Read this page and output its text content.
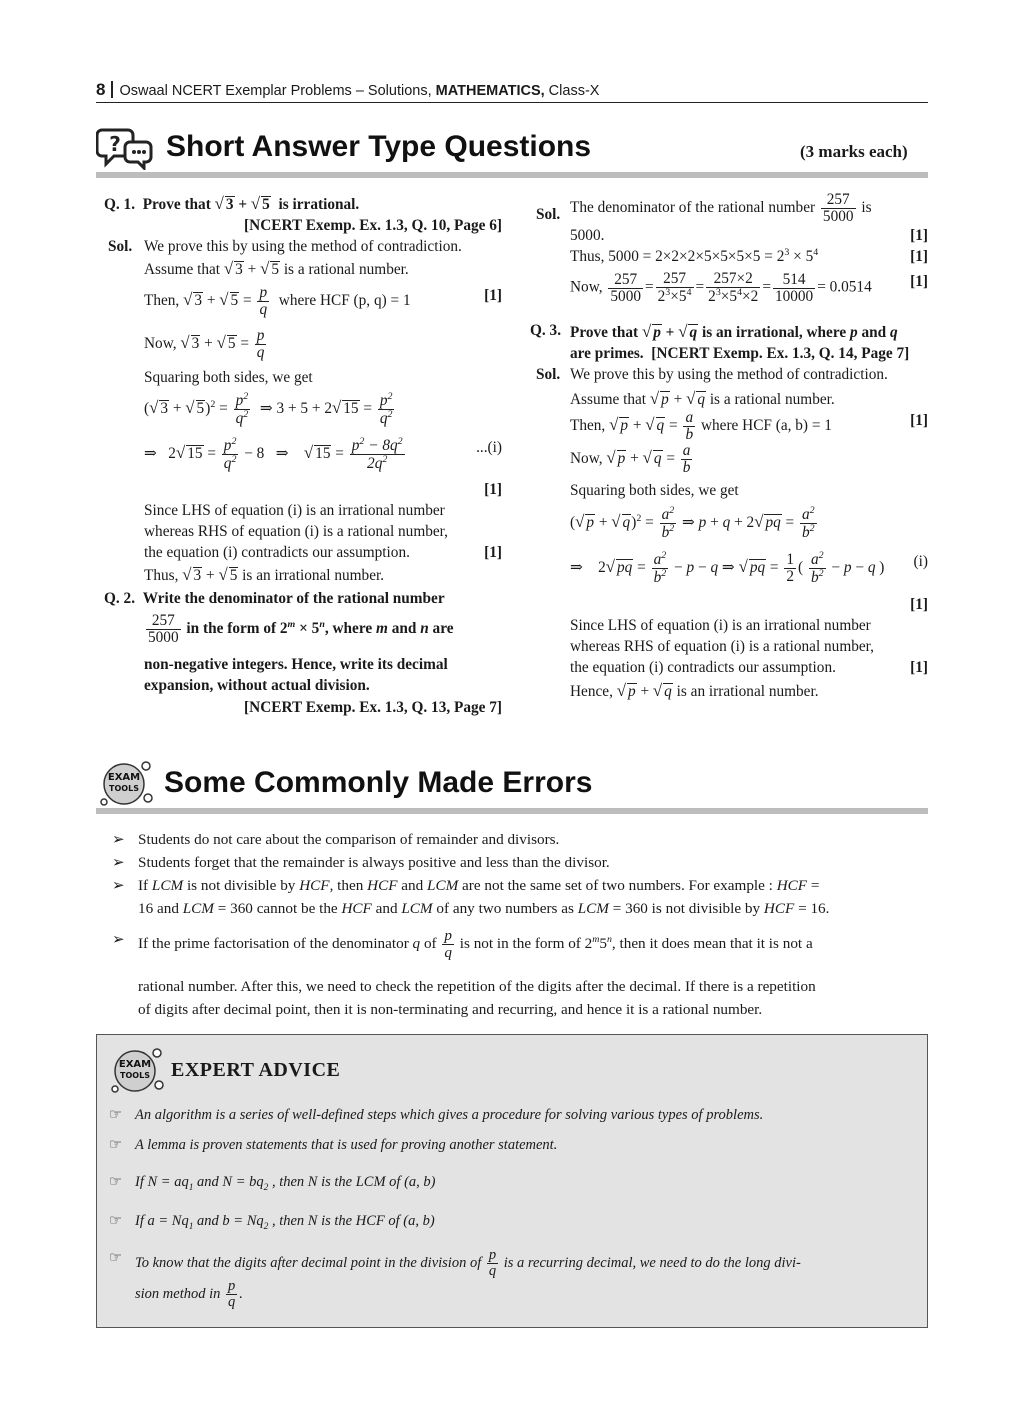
8 Oswaal NCERT Exemplar Problems – Solutions, MATHEMATICS, Class-X
? Short Answer Type Questions	(3 marks each)
Q. 1. Prove that √ 3 + √ 5 is irrational.
[NCERT Exemp. Ex. 1.3, Q. 10, Page 6]
Sol. We prove this by using the method of contradiction.
Assume that √ 3 + √ 5 is a rational number.
Then, √ 3 + √ $5 = \frac{p}{q}$ where HCF (p, q) = 1	[1]
Now, √ 3 + √ $5 = \frac{p}{q}$
Squaring both sides, we get
(√ 3 + √ $5)^2 = \frac{p^2}{q^2}$ ⇒ 3 + 5 + 2√ $15 = \frac{p^2}{q^2}$
⇒   2√ $15 = \frac{p^2}{q^2} - 8$   ⇒    √ $15 = \frac{p^2 - 8q^2}{2q^2}$	...(i)
[1]
Since LHS of equation (i) is an irrational number
whereas RHS of equation (i) is a rational number,
the equation (i) contradicts our assumption.	[1]
Thus, √ 3 + √ 5 is an irrational number.
Q. 2. Write the denominator of the rational number
$\frac{257}{5000}$ in the form of $2^m \times 5^n$, where m and n are
non-negative integers. Hence, write its decimal
expansion, without actual division.
[NCERT Exemp. Ex. 1.3, Q. 13, Page 7]
Sol. The denominator of the rational number $\frac{257}{5000}$ is
5000.	[1]
Thus, $5000 = 2\times 2\times 2\times 5\times 5\times 5\times 5 = 2^3 \times 5^4$	[1]
Now, $\frac{257}{5000} = \frac{257}{2^3\times 5^4} = \frac{257\times 2}{2^3\times 5^4\times 2} = \frac{514}{10000} = 0.0514$	[1]
Q. 3. Prove that √ p + √ q is an irrational, where p and q
are primes. [NCERT Exemp. Ex. 1.3, Q. 14, Page 7]
Sol. We prove this by using the method of contradiction.
Assume that √ p + √ q is a rational number.
Then, √ p + √ $q = \frac{a}{b}$ where HCF (a, b) = 1	[1]
Now, √ p + √ $q = \frac{a}{b}$
Squaring both sides, we get
(√ p + √ $q)^2 = \frac{a^2}{b^2}$ ⇒ p + q + 2√ pq = $\frac{a^2}{b^2}$
⇒    2√ pq = $\frac{a^2}{b^2} - p - q$ ⇒ √ pq = $\frac{1}{2}$ ( $\frac{a^2}{b^2} - p - q$ ) (i)
[1]
Since LHS of equation (i) is an irrational number
whereas RHS of equation (i) is a rational number,
the equation (i) contradicts our assumption.	[1]
Hence, √ p + √ q is an irrational number.
EXAM
TOOLS Some Commonly Made Errors
➢ Students do not care about the comparison of remainder and divisors.
➢ Students forget that the remainder is always positive and less than the divisor.
➢ If LCM is not divisible by HCF, then HCF and LCM are not the same set of two numbers. For example : HCF =
16 and LCM = 360 cannot be the HCF and LCM of any two numbers as LCM = 360 is not divisible by HCF = 16.
➢ If the prime factorisation of the denominator q of $\frac{p}{q}$ is not in the form of 2$^m$5$^n$, then it does mean that it is not a
rational number. After this, we need to check the repetition of the digits after the decimal. If there is a repetition
of digits after decimal point, then it is non-terminating and recurring, and hence it is a rational number.
EXAM
TOOLS EXPERT ADVICE
☞ An algorithm is a series of well-defined steps which gives a procedure for solving various types of problems.
☞ A lemma is proven statements that is used for proving another statement.
☞ If $N = aq_1$ and $N = bq_2$ , then N is the LCM of (a, b)
☞ If $a = Nq_1$ and $b = Nq_2$ , then N is the HCF of (a, b)
☞ To know that the digits after decimal point in the division of $\frac{p}{q}$ is a recurring decimal, we need to do the long divi-
sion method in $\frac{p}{q}$ .
